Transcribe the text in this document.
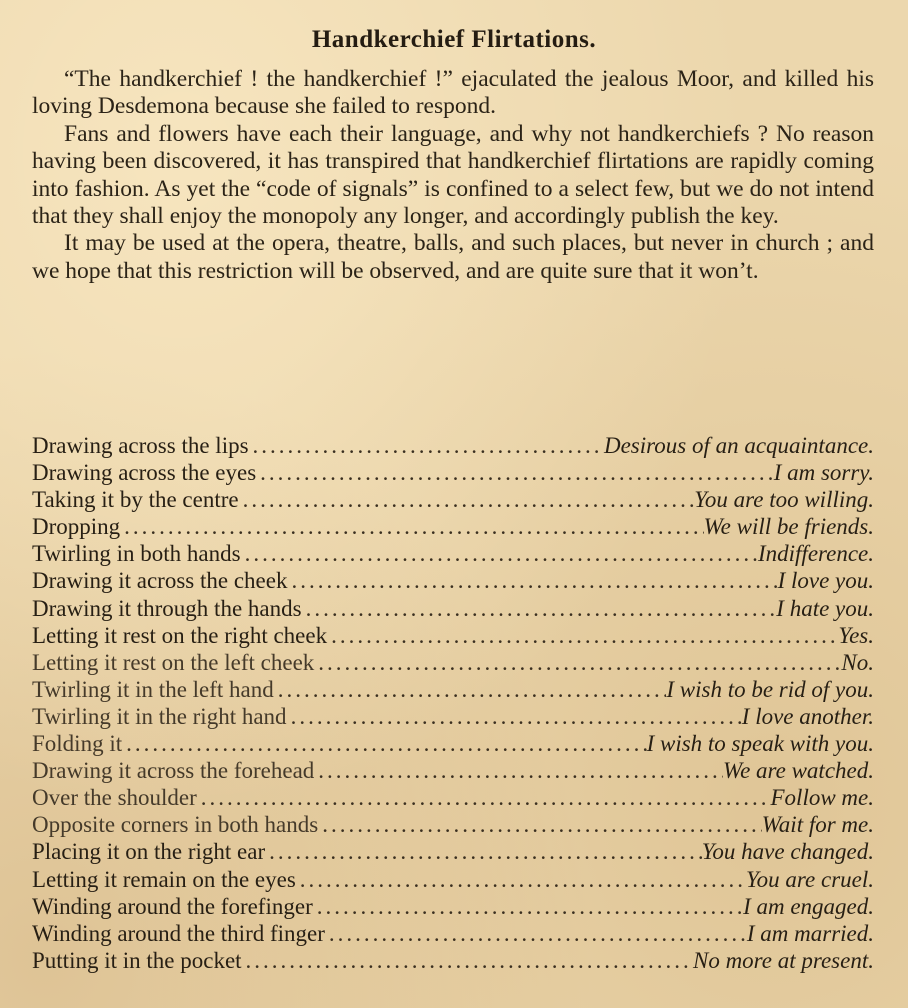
Handkerchief Flirtations.

“The handkerchief ! the handkerchief !” ejaculated the jealous Moor, and killed his loving Desdemona because she failed to respond.

Fans and flowers have each their language, and why not handkerchiefs ? No reason having been discovered, it has transpired that handkerchief flirtations are rapidly coming into fashion. As yet the “code of signals” is confined to a select few, but we do not intend that they shall enjoy the monopoly any longer, and accordingly publish the key.

It may be used at the opera, theatre, balls, and such places, but never in church ; and we hope that this restriction will be observed, and are quite sure that it won’t.

Drawing across the lips .....	Desirous of an acquaintance.
Drawing across the eyes .....	I am sorry.
Taking it by the centre .....	You are too willing.
Dropping .....	We will be friends.
Twirling in both hands .....	Indifference.
Drawing it across the cheek .....	I love you.
Drawing it through the hands .....	I hate you.
Letting it rest on the right cheek .....	Yes.
Letting it rest on the left cheek .....	No.
Twirling it in the left hand .....	I wish to be rid of you.
Twirling it in the right hand .....	I love another.
Folding it .....	I wish to speak with you.
Drawing it across the forehead .....	We are watched.
Over the shoulder .....	Follow me.
Opposite corners in both hands .....	Wait for me.
Placing it on the right ear .....	You have changed.
Letting it remain on the eyes .....	You are cruel.
Winding around the forefinger .....	I am engaged.
Winding around the third finger .....	I am married.
Putting it in the pocket .....	No more at present.
